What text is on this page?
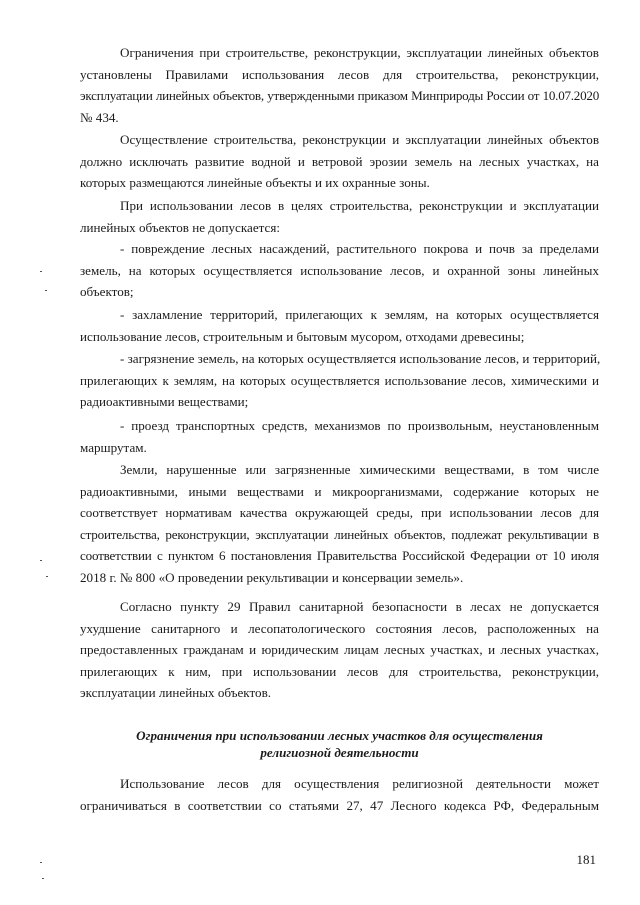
Ограничения при строительстве, реконструкции, эксплуатации линейных объектов
установлены Правилами использования лесов для строительства, реконструкции,
эксплуатации линейных объектов, утвержденными приказом Минприроды России от 10.07.2020
№ 434.
Осуществление строительства, реконструкции и эксплуатации линейных объектов
должно исключать развитие водной и ветровой эрозии земель на лесных участках, на
которых размещаются линейные объекты и их охранные зоны.
При использовании лесов в целях строительства, реконструкции и эксплуатации
линейных объектов не допускается:
- повреждение лесных насаждений, растительного покрова и почв за пределами
земель, на которых осуществляется использование лесов, и охранной зоны линейных
объектов;
- захламление территорий, прилегающих к землям, на которых осуществляется
использование лесов, строительным и бытовым мусором, отходами древесины;
- загрязнение земель, на которых осуществляется использование лесов, и территорий,
прилегающих к землям, на которых осуществляется использование лесов, химическими и
радиоактивными веществами;
- проезд транспортных средств, механизмов по произвольным, неустановленным
маршрутам.
Земли, нарушенные или загрязненные химическими веществами, в том числе
радиоактивными, иными веществами и микроорганизмами, содержание которых не
соответствует нормативам качества окружающей среды, при использовании лесов для
строительства, реконструкции, эксплуатации линейных объектов, подлежат рекультивации в
соответствии с пунктом 6 постановления Правительства Российской Федерации от 10 июля
2018 г. № 800 «О проведении рекультивации и консервации земель».
Согласно пункту 29 Правил санитарной безопасности в лесах не допускается
ухудшение санитарного и лесопатологического состояния лесов, расположенных на
предоставленных гражданам и юридическим лицам лесных участках, и лесных участках,
прилегающих к ним, при использовании лесов для строительства, реконструкции,
эксплуатации линейных объектов.
Ограничения при использовании лесных участков для осуществления
религиозной деятельности
Использование лесов для осуществления религиозной деятельности может
ограничиваться в соответствии со статьями 27, 47 Лесного кодекса РФ, Федеральным
181
